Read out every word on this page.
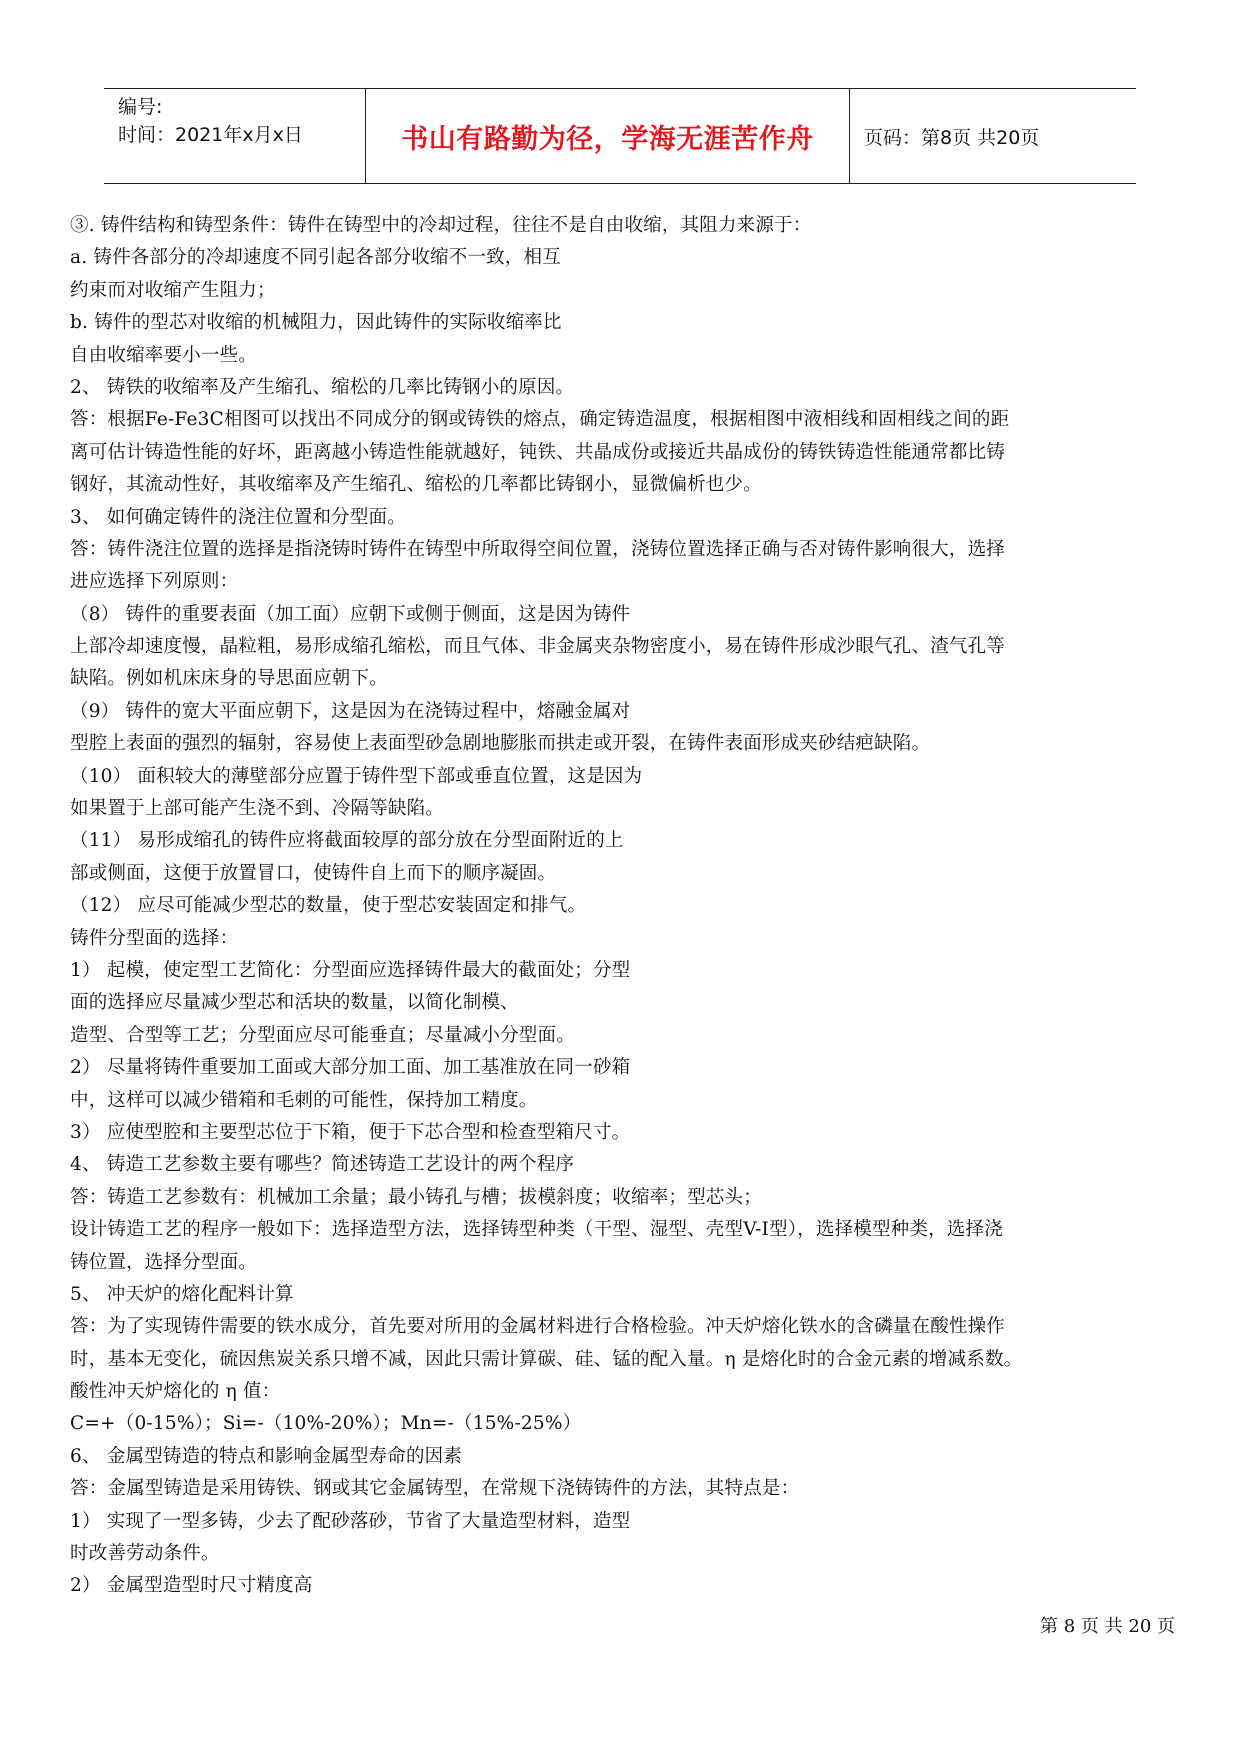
编号:
时间：2021年x月x日	书山有路勤为径，学海无涯苦作舟	页码：第8页 共20页
③. 铸件结构和铸型条件：铸件在铸型中的冷却过程，往往不是自由收缩，其阻力来源于：
a. 铸件各部分的冷却速度不同引起各部分收缩不一致，相互
约束而对收缩产生阻力；
b. 铸件的型芯对收缩的机械阻力，因此铸件的实际收缩率比
自由收缩率要小一些。
2、 铸铁的收缩率及产生缩孔、缩松的几率比铸钢小的原因。
答：根据Fe-Fe3C相图可以找出不同成分的钢或铸铁的熔点，确定铸造温度，根据相图中液相线和固相线之间的距
离可估计铸造性能的好坏，距离越小铸造性能就越好，钝铁、共晶成份或接近共晶成份的铸铁铸造性能通常都比铸
钢好，其流动性好，其收缩率及产生缩孔、缩松的几率都比铸钢小，显微偏析也少。
3、 如何确定铸件的浇注位置和分型面。
答：铸件浇注位置的选择是指浇铸时铸件在铸型中所取得空间位置，浇铸位置选择正确与否对铸件影响很大，选择
进应选择下列原则：
（8） 铸件的重要表面（加工面）应朝下或侧于侧面，这是因为铸件
上部冷却速度慢，晶粒粗，易形成缩孔缩松，而且气体、非金属夹杂物密度小，易在铸件形成沙眼气孔、渣气孔等
缺陷。例如机床床身的导思面应朝下。
（9） 铸件的宽大平面应朝下，这是因为在浇铸过程中，熔融金属对
型腔上表面的强烈的辐射，容易使上表面型砂急剧地膨胀而拱走或开裂，在铸件表面形成夹砂结疤缺陷。
（10） 面积较大的薄壁部分应置于铸件型下部或垂直位置，这是因为
如果置于上部可能产生浇不到、冷隔等缺陷。
（11） 易形成缩孔的铸件应将截面较厚的部分放在分型面附近的上
部或侧面，这便于放置冒口，使铸件自上而下的顺序凝固。
（12） 应尽可能减少型芯的数量，使于型芯安装固定和排气。
铸件分型面的选择：
1） 起模，使定型工艺简化：分型面应选择铸件最大的截面处；分型
面的选择应尽量减少型芯和活块的数量，以简化制模、
造型、合型等工艺；分型面应尽可能垂直；尽量减小分型面。
2） 尽量将铸件重要加工面或大部分加工面、加工基准放在同一砂箱
中，这样可以减少错箱和毛刺的可能性，保持加工精度。
3） 应使型腔和主要型芯位于下箱，便于下芯合型和检查型箱尺寸。
4、 铸造工艺参数主要有哪些？简述铸造工艺设计的两个程序
答：铸造工艺参数有：机械加工余量；最小铸孔与槽；拔模斜度；收缩率；型芯头；
设计铸造工艺的程序一般如下：选择造型方法，选择铸型种类（干型、湿型、壳型V-I型），选择模型种类，选择浇
铸位置，选择分型面。
5、 冲天炉的熔化配料计算
答：为了实现铸件需要的铁水成分，首先要对所用的金属材料进行合格检验。冲天炉熔化铁水的含磷量在酸性操作
时，基本无变化，硫因焦炭关系只增不减，因此只需计算碳、硅、锰的配入量。η 是熔化时的合金元素的增减系数。
酸性冲天炉熔化的 η 值：
C=+（0-15%）；Si=-（10%-20%）；Mn=-（15%-25%）
6、 金属型铸造的特点和影响金属型寿命的因素
答：金属型铸造是采用铸铁、钢或其它金属铸型，在常规下浇铸铸件的方法，其特点是：
1） 实现了一型多铸，少去了配砂落砂，节省了大量造型材料，造型
时改善劳动条件。
2） 金属型造型时尺寸精度高
第 8 页 共 20 页
